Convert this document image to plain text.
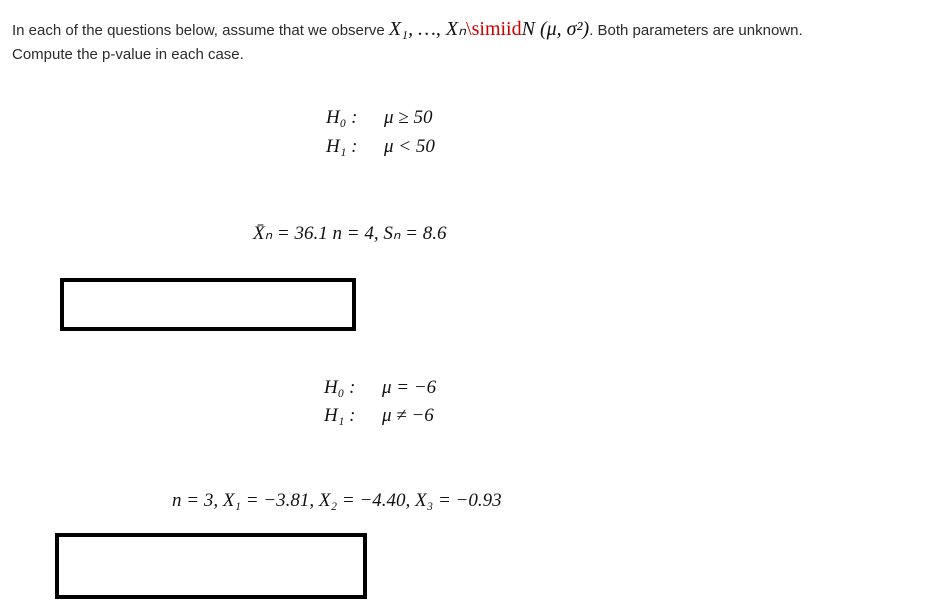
In each of the questions below, assume that we observe X₁, …, Xₙ\simiidN (μ, σ²). Both parameters are unknown.
Compute the p-value in each case.
H₀ : μ ≥ 50
H₁ : μ < 50
X̄ₙ = 36.1 n = 4, Sₙ = 8.6
H₀ : μ = −6
H₁ : μ ≠ −6
n = 3, X₁ = −3.81, X₂ = −4.40, X₃ = −0.93
